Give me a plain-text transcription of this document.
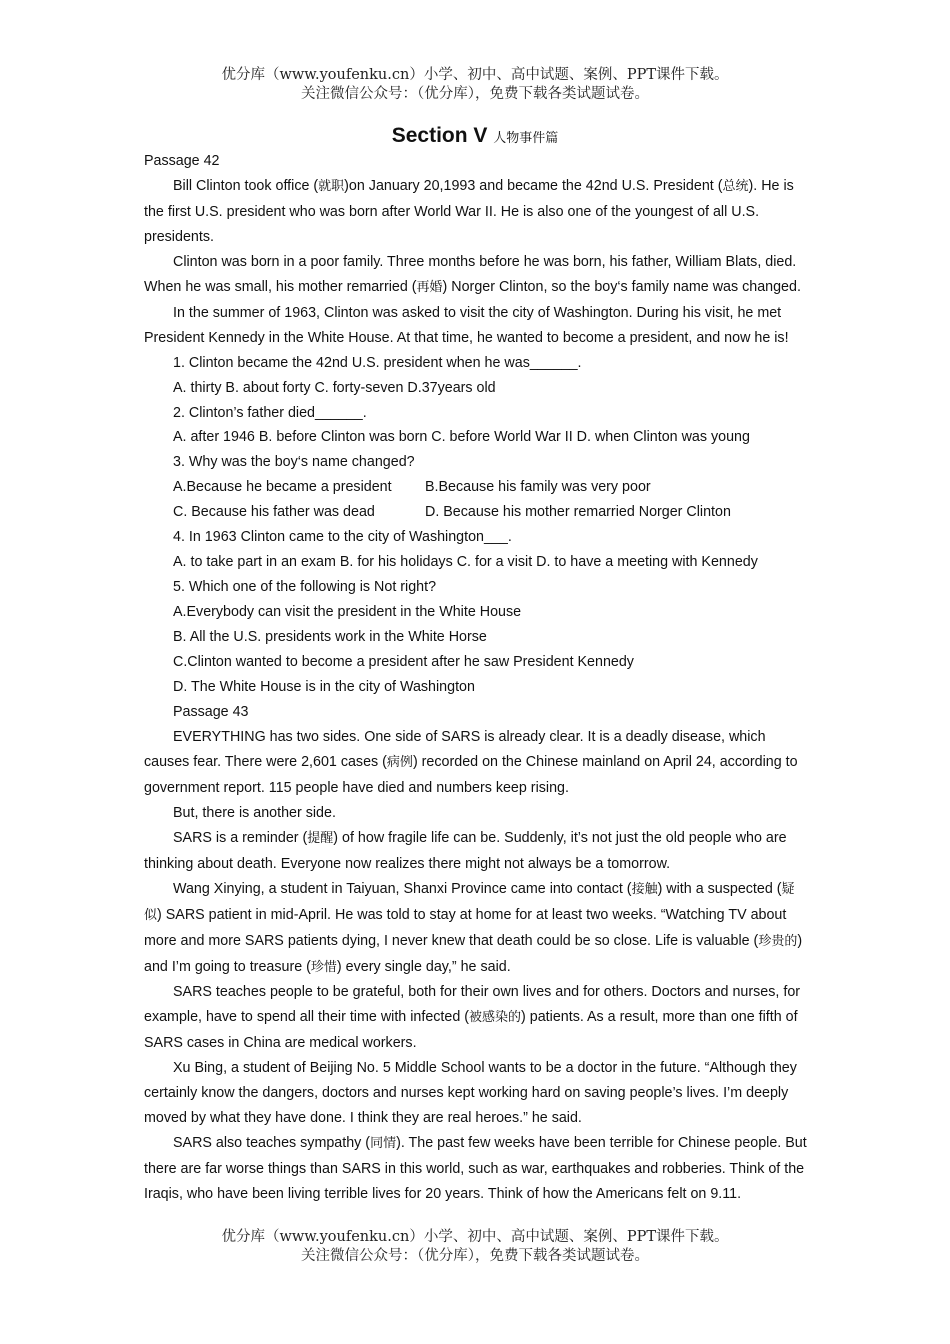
优分库（www.youfenku.cn）小学、初中、高中试题、案例、PPT课件下载。
关注微信公众号：（优分库），免费下载各类试题试卷。
Section V 人物事件篇

Passage 42

Bill Clinton took office (就职)on January 20,1993 and became the 42nd U.S. President (总统). He is the first U.S. president who was born after World War II. He is also one of the youngest of all U.S. presidents.

Clinton was born in a poor family. Three months before he was born, his father, William Blats, died. When he was small, his mother remarried (再婚) Norger Clinton, so the boy‘s family name was changed.

In the summer of 1963, Clinton was asked to visit the city of Washington. During his visit, he met President Kennedy in the White House. At that time, he wanted to become a president, and now he is!

1. Clinton became the 42nd U.S. president when he was______.
A. thirty B. about forty C. forty-seven D.37years old
2. Clinton’s father died______.
A. after 1946 B. before Clinton was born C. before World War II D. when Clinton was young
3. Why was the boy‘s name changed?
A.Because he became a president B.Because his family was very poor
C. Because his father was dead	D. Because his mother remarried Norger Clinton
4. In 1963 Clinton came to the city of Washington___.
A. to take part in an exam B. for his holidays C. for a visit D. to have a meeting with Kennedy
5. Which one of the following is Not right?
A.Everybody can visit the president in the White House
B. All the U.S. presidents work in the White Horse
C.Clinton wanted to become a president after he saw President Kennedy
D. The White House is in the city of Washington
Passage 43

EVERYTHING has two sides. One side of SARS is already clear. It is a deadly disease, which causes fear. There were 2,601 cases (病例) recorded on the Chinese mainland on April 24, according to government report. 115 people have died and numbers keep rising.

But, there is another side.

SARS is a reminder (提醒) of how fragile life can be. Suddenly, it’s not just the old people who are thinking about death. Everyone now realizes there might not always be a tomorrow.

Wang Xinying, a student in Taiyuan, Shanxi Province came into contact (接触) with a suspected (疑似) SARS patient in mid-April. He was told to stay at home for at least two weeks. “Watching TV about more and more SARS patients dying, I never knew that death could be so close. Life is valuable (珍贵的) and I’m going to treasure (珍惜) every single day,” he said.

SARS teaches people to be grateful, both for their own lives and for others. Doctors and nurses, for example, have to spend all their time with infected (被感染的) patients. As a result, more than one fifth of SARS cases in China are medical workers.

Xu Bing, a student of Beijing No. 5 Middle School wants to be a doctor in the future. “Although they certainly know the dangers, doctors and nurses kept working hard on saving people’s lives. I’m deeply moved by what they have done. I think they are real heroes.” he said.

SARS also teaches sympathy (同情). The past few weeks have been terrible for Chinese people. But there are far worse things than SARS in this world, such as war, earthquakes and robberies. Think of the Iraqis, who have been living terrible lives for 20 years. Think of how the Americans felt on 9.11.

优分库（www.youfenku.cn）小学、初中、高中试题、案例、PPT课件下载。
关注微信公众号：（优分库），免费下载各类试题试卷。
